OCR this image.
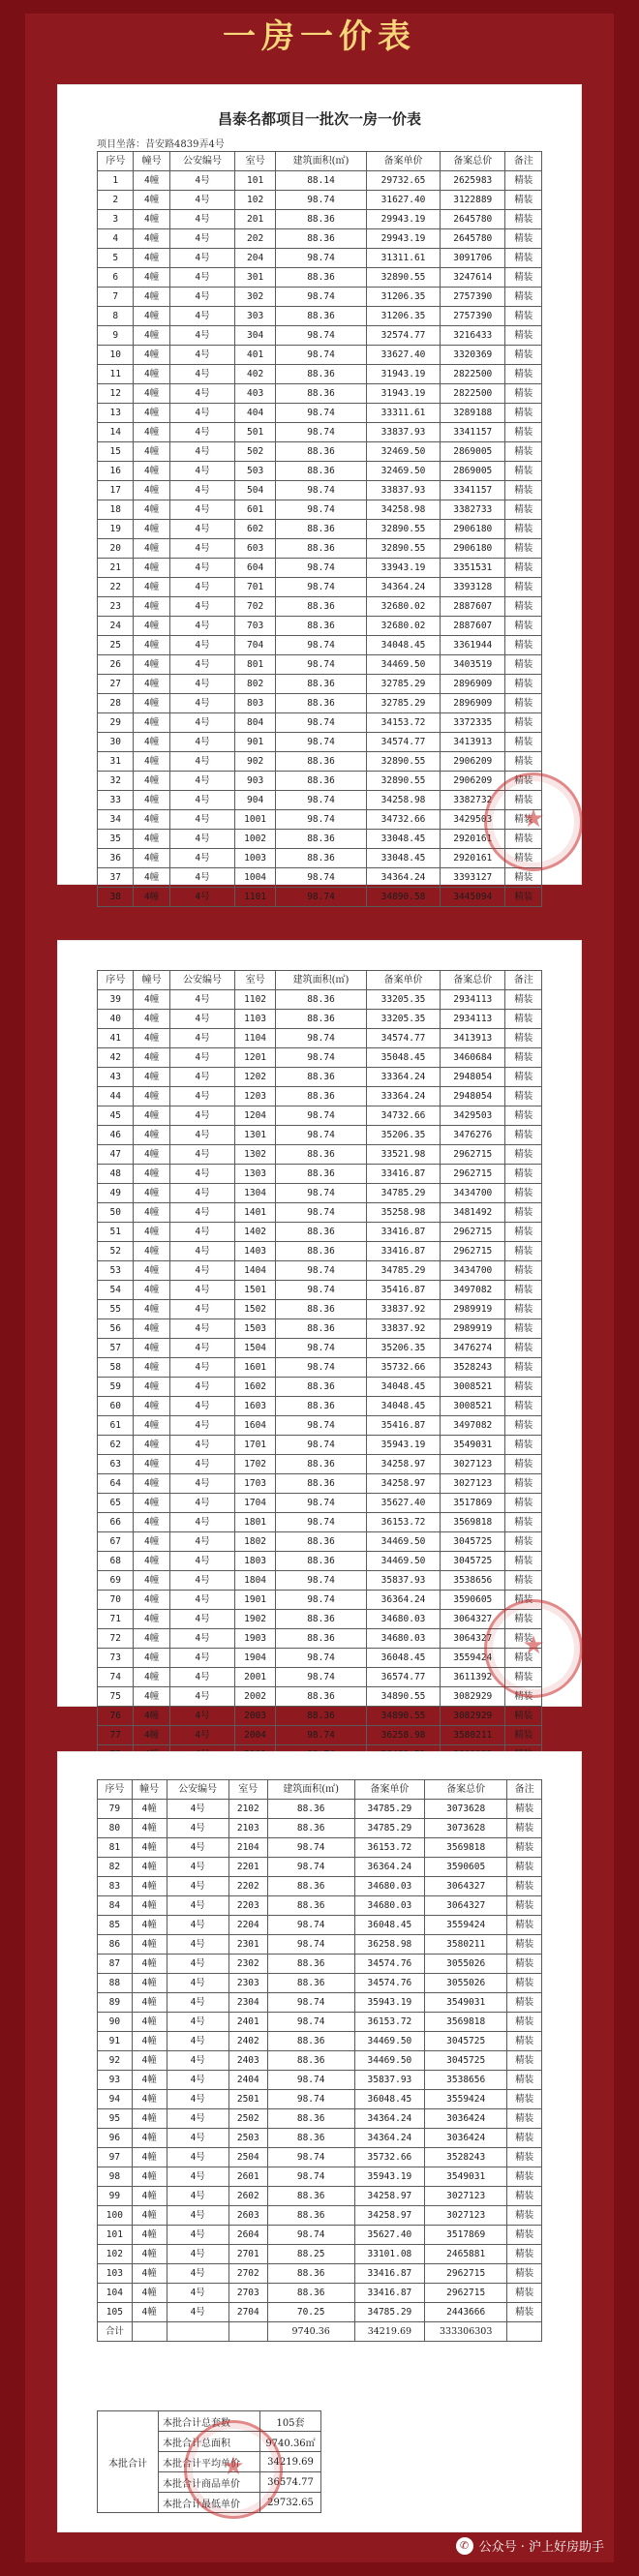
一房一价表
昌泰名都项目一批次一房一价表
项目坐落：昔安路4839弄4号
序号	幢号	公安编号	室号	建筑面积(㎡)	备案单价	备案总价	备注
1	4幢	4号	101	88.14	29732.65	2625983	精装
2	4幢	4号	102	98.74	31627.40	3122889	精装
3	4幢	4号	201	88.36	29943.19	2645780	精装
4	4幢	4号	202	88.36	29943.19	2645780	精装
5	4幢	4号	204	98.74	31311.61	3091706	精装
6	4幢	4号	301	88.36	32890.55	3247614	精装
7	4幢	4号	302	98.74	31206.35	2757390	精装
8	4幢	4号	303	88.36	31206.35	2757390	精装
9	4幢	4号	304	98.74	32574.77	3216433	精装
10	4幢	4号	401	98.74	33627.40	3320369	精装
11	4幢	4号	402	88.36	31943.19	2822500	精装
12	4幢	4号	403	88.36	31943.19	2822500	精装
13	4幢	4号	404	98.74	33311.61	3289188	精装
14	4幢	4号	501	98.74	33837.93	3341157	精装
15	4幢	4号	502	88.36	32469.50	2869005	精装
16	4幢	4号	503	88.36	32469.50	2869005	精装
17	4幢	4号	504	98.74	33837.93	3341157	精装
18	4幢	4号	601	98.74	34258.98	3382733	精装
19	4幢	4号	602	88.36	32890.55	2906180	精装
20	4幢	4号	603	88.36	32890.55	2906180	精装
21	4幢	4号	604	98.74	33943.19	3351531	精装
22	4幢	4号	701	98.74	34364.24	3393128	精装
23	4幢	4号	702	88.36	32680.02	2887607	精装
24	4幢	4号	703	88.36	32680.02	2887607	精装
25	4幢	4号	704	98.74	34048.45	3361944	精装
26	4幢	4号	801	98.74	34469.50	3403519	精装
27	4幢	4号	802	88.36	32785.29	2896909	精装
28	4幢	4号	803	88.36	32785.29	2896909	精装
29	4幢	4号	804	98.74	34153.72	3372335	精装
30	4幢	4号	901	98.74	34574.77	3413913	精装
31	4幢	4号	902	88.36	32890.55	2906209	精装
32	4幢	4号	903	88.36	32890.55	2906209	精装
33	4幢	4号	904	98.74	34258.98	3382732	精装
34	4幢	4号	1001	98.74	34732.66	3429503	精装
35	4幢	4号	1002	88.36	33048.45	2920161	精装
36	4幢	4号	1003	88.36	33048.45	2920161	精装
37	4幢	4号	1004	98.74	34364.24	3393127	精装
38	4幢	4号	1101	98.74	34890.58	3445094	精装
★
序号	幢号	公安编号	室号	建筑面积(㎡)	备案单价	备案总价	备注
39	4幢	4号	1102	88.36	33205.35	2934113	精装
40	4幢	4号	1103	88.36	33205.35	2934113	精装
41	4幢	4号	1104	98.74	34574.77	3413913	精装
42	4幢	4号	1201	98.74	35048.45	3460684	精装
43	4幢	4号	1202	88.36	33364.24	2948054	精装
44	4幢	4号	1203	88.36	33364.24	2948054	精装
45	4幢	4号	1204	98.74	34732.66	3429503	精装
46	4幢	4号	1301	98.74	35206.35	3476276	精装
47	4幢	4号	1302	88.36	33521.98	2962715	精装
48	4幢	4号	1303	88.36	33416.87	2962715	精装
49	4幢	4号	1304	98.74	34785.29	3434700	精装
50	4幢	4号	1401	98.74	35258.98	3481492	精装
51	4幢	4号	1402	88.36	33416.87	2962715	精装
52	4幢	4号	1403	88.36	33416.87	2962715	精装
53	4幢	4号	1404	98.74	34785.29	3434700	精装
54	4幢	4号	1501	98.74	35416.87	3497082	精装
55	4幢	4号	1502	88.36	33837.92	2989919	精装
56	4幢	4号	1503	88.36	33837.92	2989919	精装
57	4幢	4号	1504	98.74	35206.35	3476274	精装
58	4幢	4号	1601	98.74	35732.66	3528243	精装
59	4幢	4号	1602	88.36	34048.45	3008521	精装
60	4幢	4号	1603	88.36	34048.45	3008521	精装
61	4幢	4号	1604	98.74	35416.87	3497082	精装
62	4幢	4号	1701	98.74	35943.19	3549031	精装
63	4幢	4号	1702	88.36	34258.97	3027123	精装
64	4幢	4号	1703	88.36	34258.97	3027123	精装
65	4幢	4号	1704	98.74	35627.40	3517869	精装
66	4幢	4号	1801	98.74	36153.72	3569818	精装
67	4幢	4号	1802	88.36	34469.50	3045725	精装
68	4幢	4号	1803	88.36	34469.50	3045725	精装
69	4幢	4号	1804	98.74	35837.93	3538656	精装
70	4幢	4号	1901	98.74	36364.24	3590605	精装
71	4幢	4号	1902	88.36	34680.03	3064327	精装
72	4幢	4号	1903	88.36	34680.03	3064327	精装
73	4幢	4号	1904	98.74	36048.45	3559424	精装
74	4幢	4号	2001	98.74	36574.77	3611392	精装
75	4幢	4号	2002	88.36	34890.55	3082929	精装
76	4幢	4号	2003	88.36	34890.55	3082929	精装
77	4幢	4号	2004	98.74	36258.98	3580211	精装

★
序号	幢号	公安编号	室号	建筑面积(㎡)	备案单价	备案总价	备注
79	4幢	4号	2102	88.36	34785.29	3073628	精装
80	4幢	4号	2103	88.36	34785.29	3073628	精装
81	4幢	4号	2104	98.74	36153.72	3569818	精装
82	4幢	4号	2201	98.74	36364.24	3590605	精装
83	4幢	4号	2202	88.36	34680.03	3064327	精装
84	4幢	4号	2203	88.36	34680.03	3064327	精装
85	4幢	4号	2204	98.74	36048.45	3559424	精装
86	4幢	4号	2301	98.74	36258.98	3580211	精装
87	4幢	4号	2302	88.36	34574.76	3055026	精装
88	4幢	4号	2303	88.36	34574.76	3055026	精装
89	4幢	4号	2304	98.74	35943.19	3549031	精装
90	4幢	4号	2401	98.74	36153.72	3569818	精装
91	4幢	4号	2402	88.36	34469.50	3045725	精装
92	4幢	4号	2403	88.36	34469.50	3045725	精装
93	4幢	4号	2404	98.74	35837.93	3538656	精装
94	4幢	4号	2501	98.74	36048.45	3559424	精装
95	4幢	4号	2502	88.36	34364.24	3036424	精装
96	4幢	4号	2503	88.36	34364.24	3036424	精装
97	4幢	4号	2504	98.74	35732.66	3528243	精装
98	4幢	4号	2601	98.74	35943.19	3549031	精装
99	4幢	4号	2602	88.36	34258.97	3027123	精装
100	4幢	4号	2603	88.36	34258.97	3027123	精装
101	4幢	4号	2604	98.74	35627.40	3517869	精装
102	4幢	4号	2701	88.25	33101.08	2465881	精装
103	4幢	4号	2702	88.36	33416.87	2962715	精装
104	4幢	4号	2703	88.36	33416.87	2962715	精装
105	4幢	4号	2704	70.25	34785.29	2443666	精装
合计				9740.36	34219.69	333306303	
本批合计	本批合计总套数	105套
	本批合计总面积	9740.36㎡
	本批合计平均单价	34219.69
	本批合计商品单价	36574.77
	本批合计最低单价	29732.65
★
✆ 公众号 · 沪上好房助手
